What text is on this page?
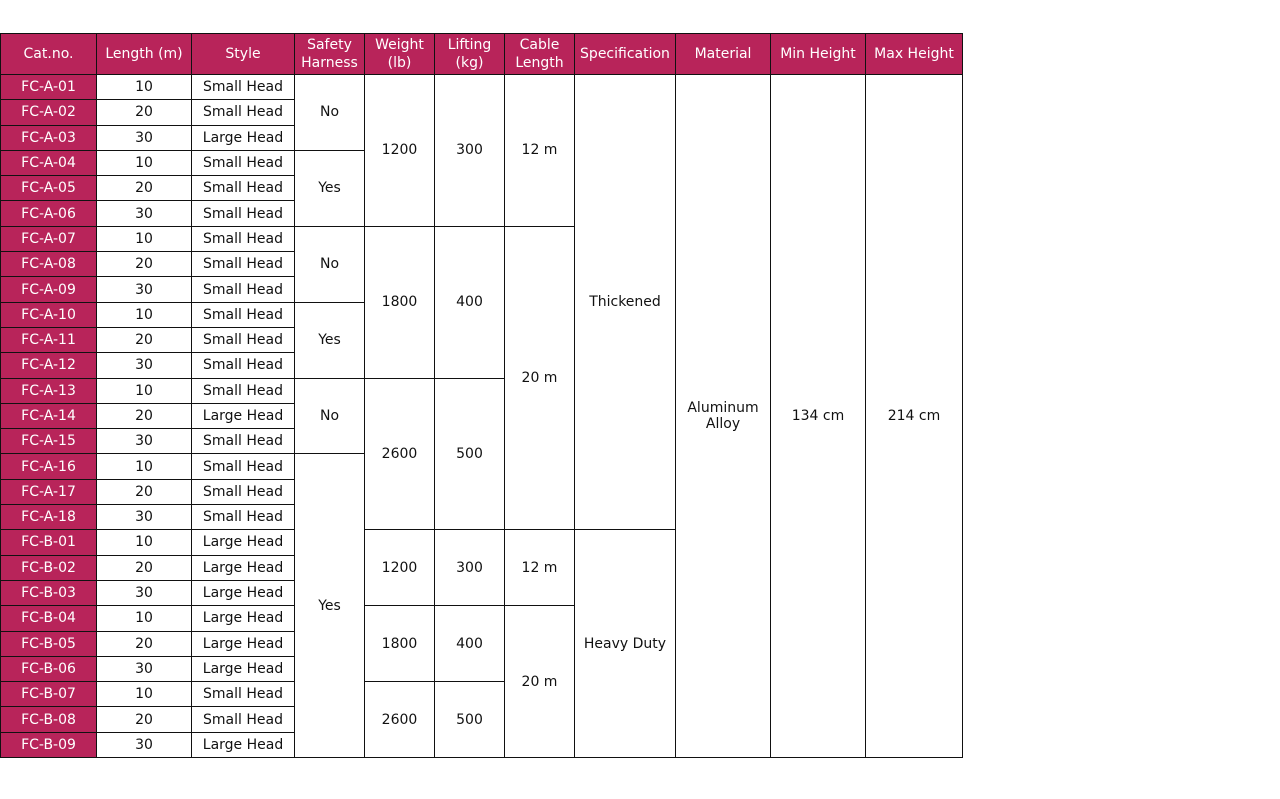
Cat.no.	Length (m)	Style	Safety Harness	Weight (lb)	Lifting (kg)	Cable Length	Specification	Material	Min Height	Max Height
FC-A-01	10	Small Head	No	1200	300	12 m	Thickened	Aluminum Alloy	134 cm	214 cm
FC-A-02	20	Small Head								
FC-A-03	30	Large Head								
FC-A-04	10	Small Head	Yes							
FC-A-05	20	Small Head								
FC-A-06	30	Small Head								
FC-A-07	10	Small Head	No	1800	400	20 m				
FC-A-08	20	Small Head								
FC-A-09	30	Small Head								
FC-A-10	10	Small Head	Yes							
FC-A-11	20	Small Head								
FC-A-12	30	Small Head								
FC-A-13	10	Small Head	No	2600	500					
FC-A-14	20	Large Head								
FC-A-15	30	Small Head								
FC-A-16	10	Small Head	Yes							
FC-A-17	20	Small Head								
FC-A-18	30	Small Head								
FC-B-01	10	Large Head		1200	300	12 m	Heavy Duty			
FC-B-02	20	Large Head								
FC-B-03	30	Large Head								
FC-B-04	10	Large Head		1800	400	20 m				
FC-B-05	20	Large Head								
FC-B-06	30	Large Head								
FC-B-07	10	Small Head		2600	500					
FC-B-08	20	Small Head								
FC-B-09	30	Large Head								
